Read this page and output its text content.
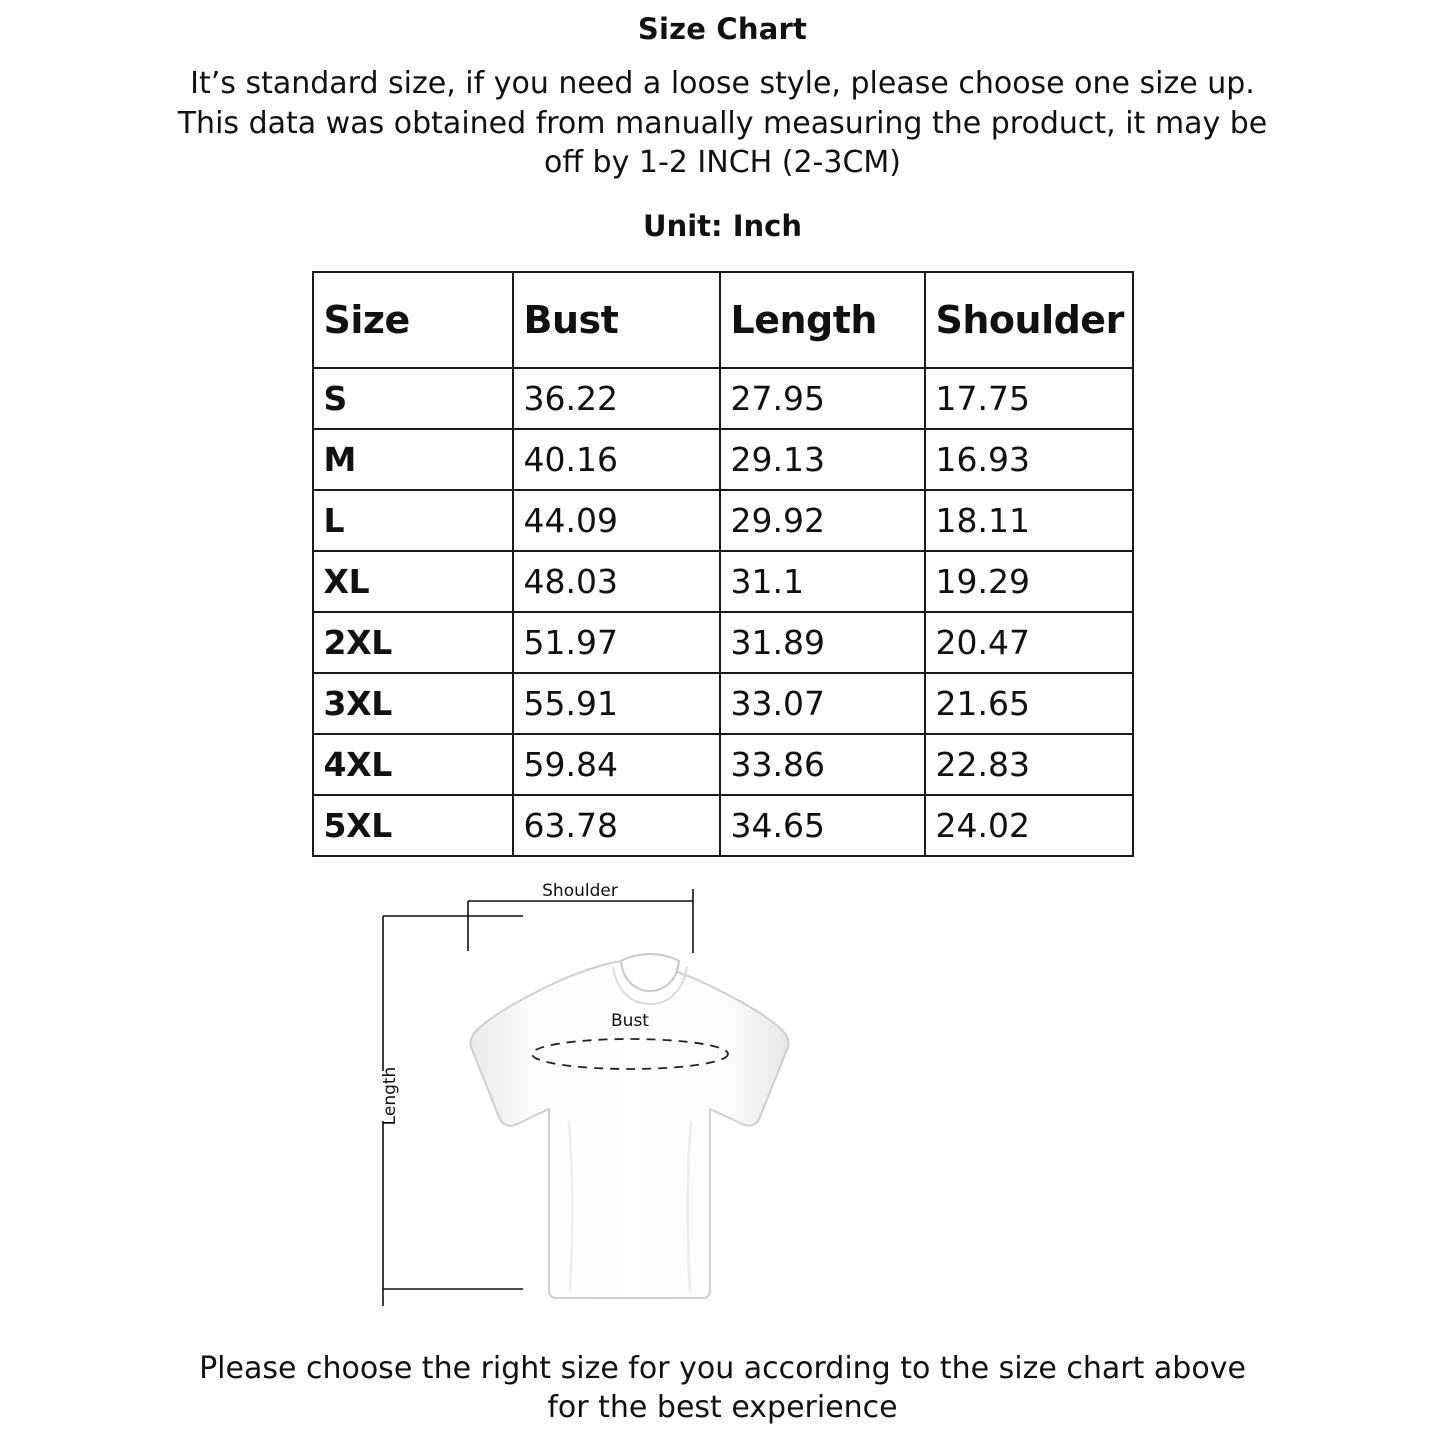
Size Chart
It’s standard size, if you need a loose style, please choose one size up. This data was obtained from manually measuring the product, it may be off by 1-2 INCH (2-3CM)
Unit: Inch
Size	Bust	Length	Shoulder
S	36.22	27.95	17.75
M	40.16	29.13	16.93
L	44.09	29.92	18.11
XL	48.03	31.1	19.29
2XL	51.97	31.89	20.47
3XL	55.91	33.07	21.65
4XL	59.84	33.86	22.83
5XL	63.78	34.65	24.02
Shoulder
Length
Bust
Please choose the right size for you according to the size chart above for the best experience
